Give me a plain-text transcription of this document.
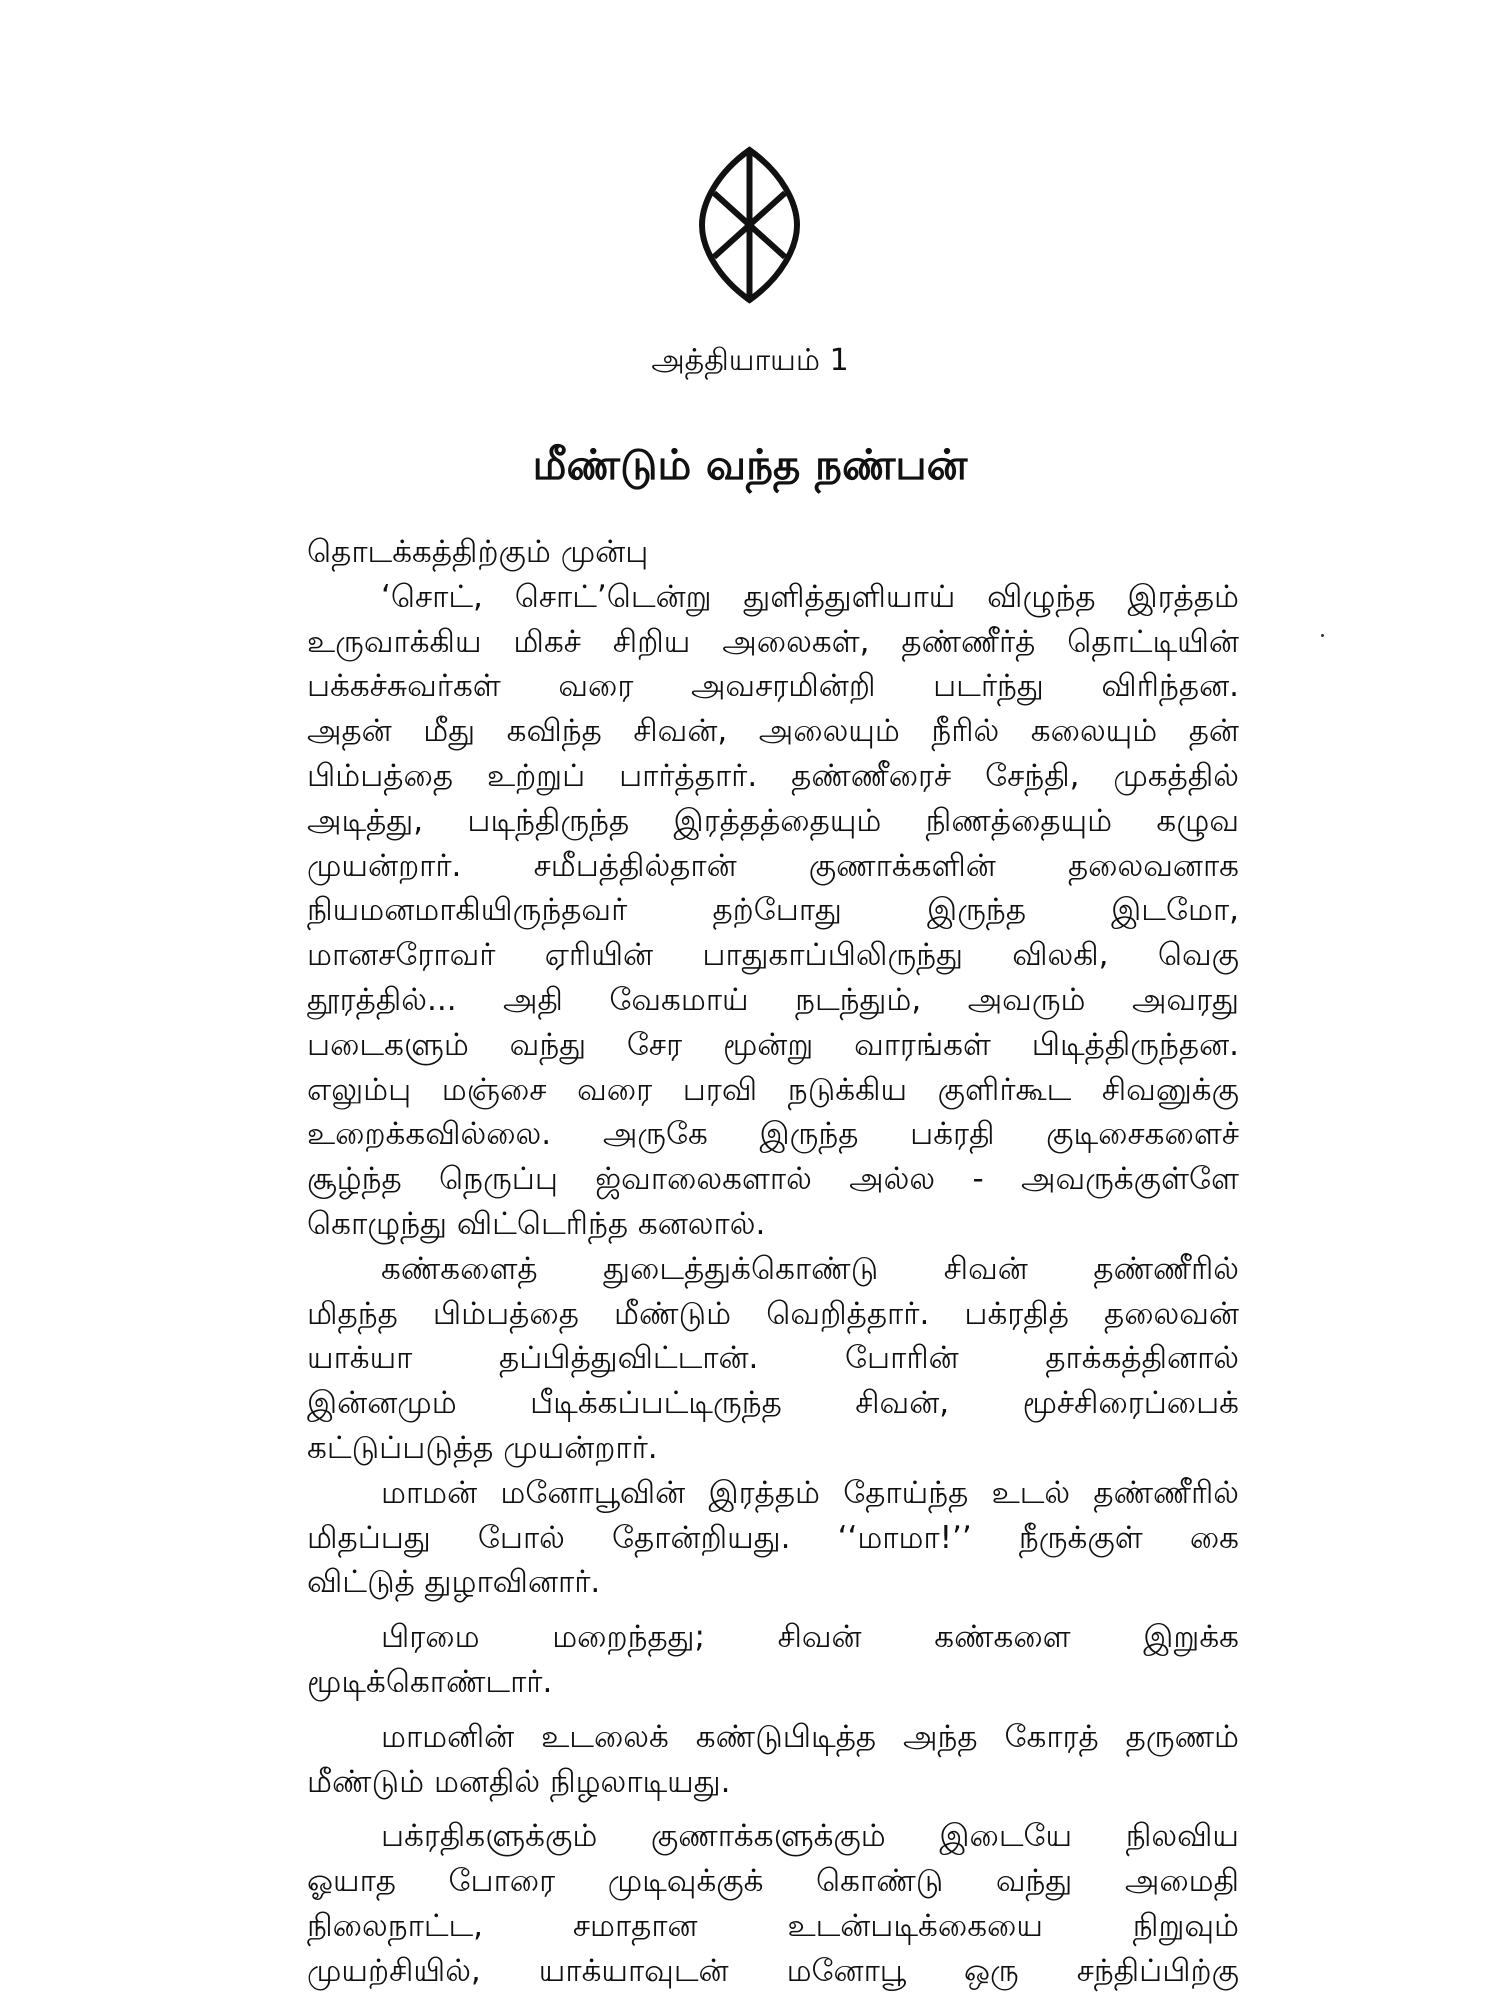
அத்தியாயம் 1
மீண்டும் வந்த நண்பன்
தொடக்கத்திற்கும் முன்பு
‘சொட், சொட்’டென்று துளித்துளியாய் விழுந்த இரத்தம்
உருவாக்கிய மிகச் சிறிய அலைகள், தண்ணீர்த் தொட்டியின்
பக்கச்சுவர்கள் வரை அவசரமின்றி படர்ந்து விரிந்தன.
அதன் மீது கவிந்த சிவன், அலையும் நீரில் கலையும் தன்
பிம்பத்தை உற்றுப் பார்த்தார். தண்ணீரைச் சேந்தி, முகத்தில்
அடித்து, படிந்திருந்த இரத்தத்தையும் நிணத்தையும் கழுவ
முயன்றார். சமீபத்தில்தான் குணாக்களின் தலைவனாக
நியமனமாகியிருந்தவர் தற்போது இருந்த இடமோ,
மானசரோவர் ஏரியின் பாதுகாப்பிலிருந்து விலகி, வெகு
தூரத்தில்... அதி வேகமாய் நடந்தும், அவரும் அவரது
படைகளும் வந்து சேர மூன்று வாரங்கள் பிடித்திருந்தன.
எலும்பு மஞ்சை வரை பரவி நடுக்கிய குளிர்கூட சிவனுக்கு
உறைக்கவில்லை. அருகே இருந்த பக்ரதி குடிசைகளைச்
சூழ்ந்த நெருப்பு ஜ்வாலைகளால் அல்ல - அவருக்குள்ளே
கொழுந்து விட்டெரிந்த கனலால்.
கண்களைத் துடைத்துக்கொண்டு சிவன் தண்ணீரில்
மிதந்த பிம்பத்தை மீண்டும் வெறித்தார். பக்ரதித் தலைவன்
யாக்யா தப்பித்துவிட்டான். போரின் தாக்கத்தினால்
இன்னமும் பீடிக்கப்பட்டிருந்த சிவன், மூச்சிரைப்பைக்
கட்டுப்படுத்த முயன்றார்.
மாமன் மனோபூவின் இரத்தம் தோய்ந்த உடல் தண்ணீரில்
மிதப்பது போல் தோன்றியது. ‘‘மாமா!’’ நீருக்குள் கை
விட்டுத் துழாவினார்.
பிரமை மறைந்தது; சிவன் கண்களை இறுக்க
மூடிக்கொண்டார்.
மாமனின் உடலைக் கண்டுபிடித்த அந்த கோரத் தருணம்
மீண்டும் மனதில் நிழலாடியது.
பக்ரதிகளுக்கும் குணாக்களுக்கும் இடையே நிலவிய
ஓயாத போரை முடிவுக்குக் கொண்டு வந்து அமைதி
நிலைநாட்ட, சமாதான உடன்படிக்கையை நிறுவும்
முயற்சியில், யாக்யாவுடன் மனோபூ ஒரு சந்திப்பிற்கு
